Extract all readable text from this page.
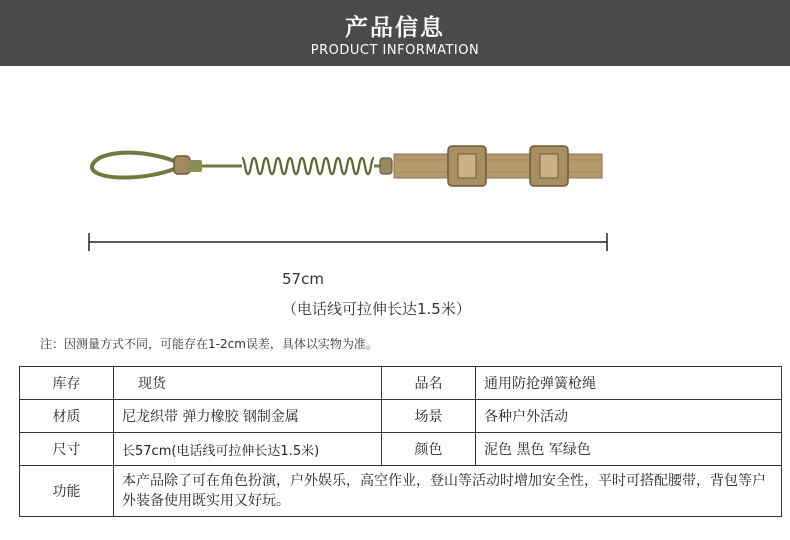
产品信息
PRODUCT INFORMATION
57cm
（电话线可拉伸长达1.5米）
注：因测量方式不同，可能存在1-2cm误差，具体以实物为准。
库存	现货	品名	通用防抢弹簧枪绳
材质	尼龙织带 弹力橡胶 钢制金属	场景	各种户外活动
尺寸	长57cm(电话线可拉伸长达1.5米)	颜色	泥色 黑色 军绿色
功能	本产品除了可在角色扮演，户外娱乐，高空作业，登山等活动时增加安全性，平时可搭配腰带，背包等户外装备使用既实用又好玩。		
